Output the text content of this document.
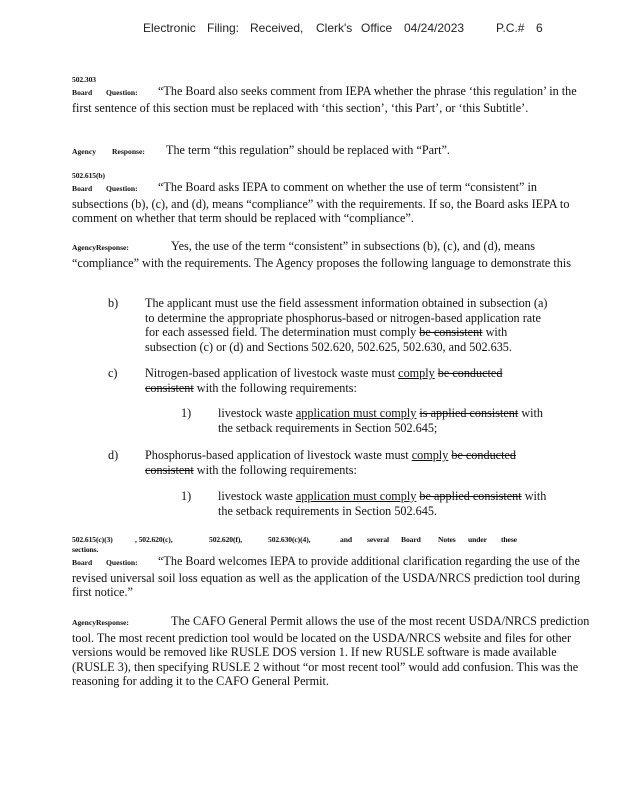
Electronic Filing: Received, Clerk's Office 04/24/2023	P.C.# 6
502.303
Board Question: “The Board also seeks comment from IEPA whether the phrase ‘this regulation’ in the first sentence of this section must be replaced with ‘this section’, ‘this Part’, or ‘this Subtitle’.
Agency Response: The term “this regulation” should be replaced with “Part”.
502.615(b)
Board Question: “The Board asks IEPA to comment on whether the use of term “consistent” in subsections (b), (c), and (d), means “compliance” with the requirements. If so, the Board asks IEPA to comment on whether that term should be replaced with “compliance”.
AgencyResponse:	Yes, the use of the term “consistent” in subsections (b), (c), and (d), means “compliance” with the requirements. The Agency proposes the following language to demonstrate this
b) The applicant must use the field assessment information obtained in subsection (a)
to determine the appropriate phosphorus-based or nitrogen-based application rate
for each assessed field. The determination must comply be consistent with
subsection (c) or (d) and Sections 502.620, 502.625, 502.630, and 502.635.
c) Nitrogen-based application of livestock waste must comply be conducted
consistent with the following requirements:
1) livestock waste application must comply is applied consistent with
the setback requirements in Section 502.645;
d) Phosphorus-based application of livestock waste must comply be conducted
consistent with the following requirements:
1) livestock waste application must comply be applied consistent with
the setback requirements in Section 502.645.
502.615(c)(3)	, 502.620(c),	502.620(f),	502.630(c)(4),	and several Board Notes under these
sections.
Board Question: “The Board welcomes IEPA to provide additional clarification regarding the use of the revised universal soil loss equation as well as the application of the USDA/NRCS prediction tool during first notice.”
AgencyResponse:	The CAFO General Permit allows the use of the most recent USDA/NRCS prediction tool. The most recent prediction tool would be located on the USDA/NRCS website and files for other versions would be removed like RUSLE DOS version 1. If new RUSLE software is made available (RUSLE 3), then specifying RUSLE 2 without “or most recent tool” would add confusion. This was the reasoning for adding it to the CAFO General Permit.
